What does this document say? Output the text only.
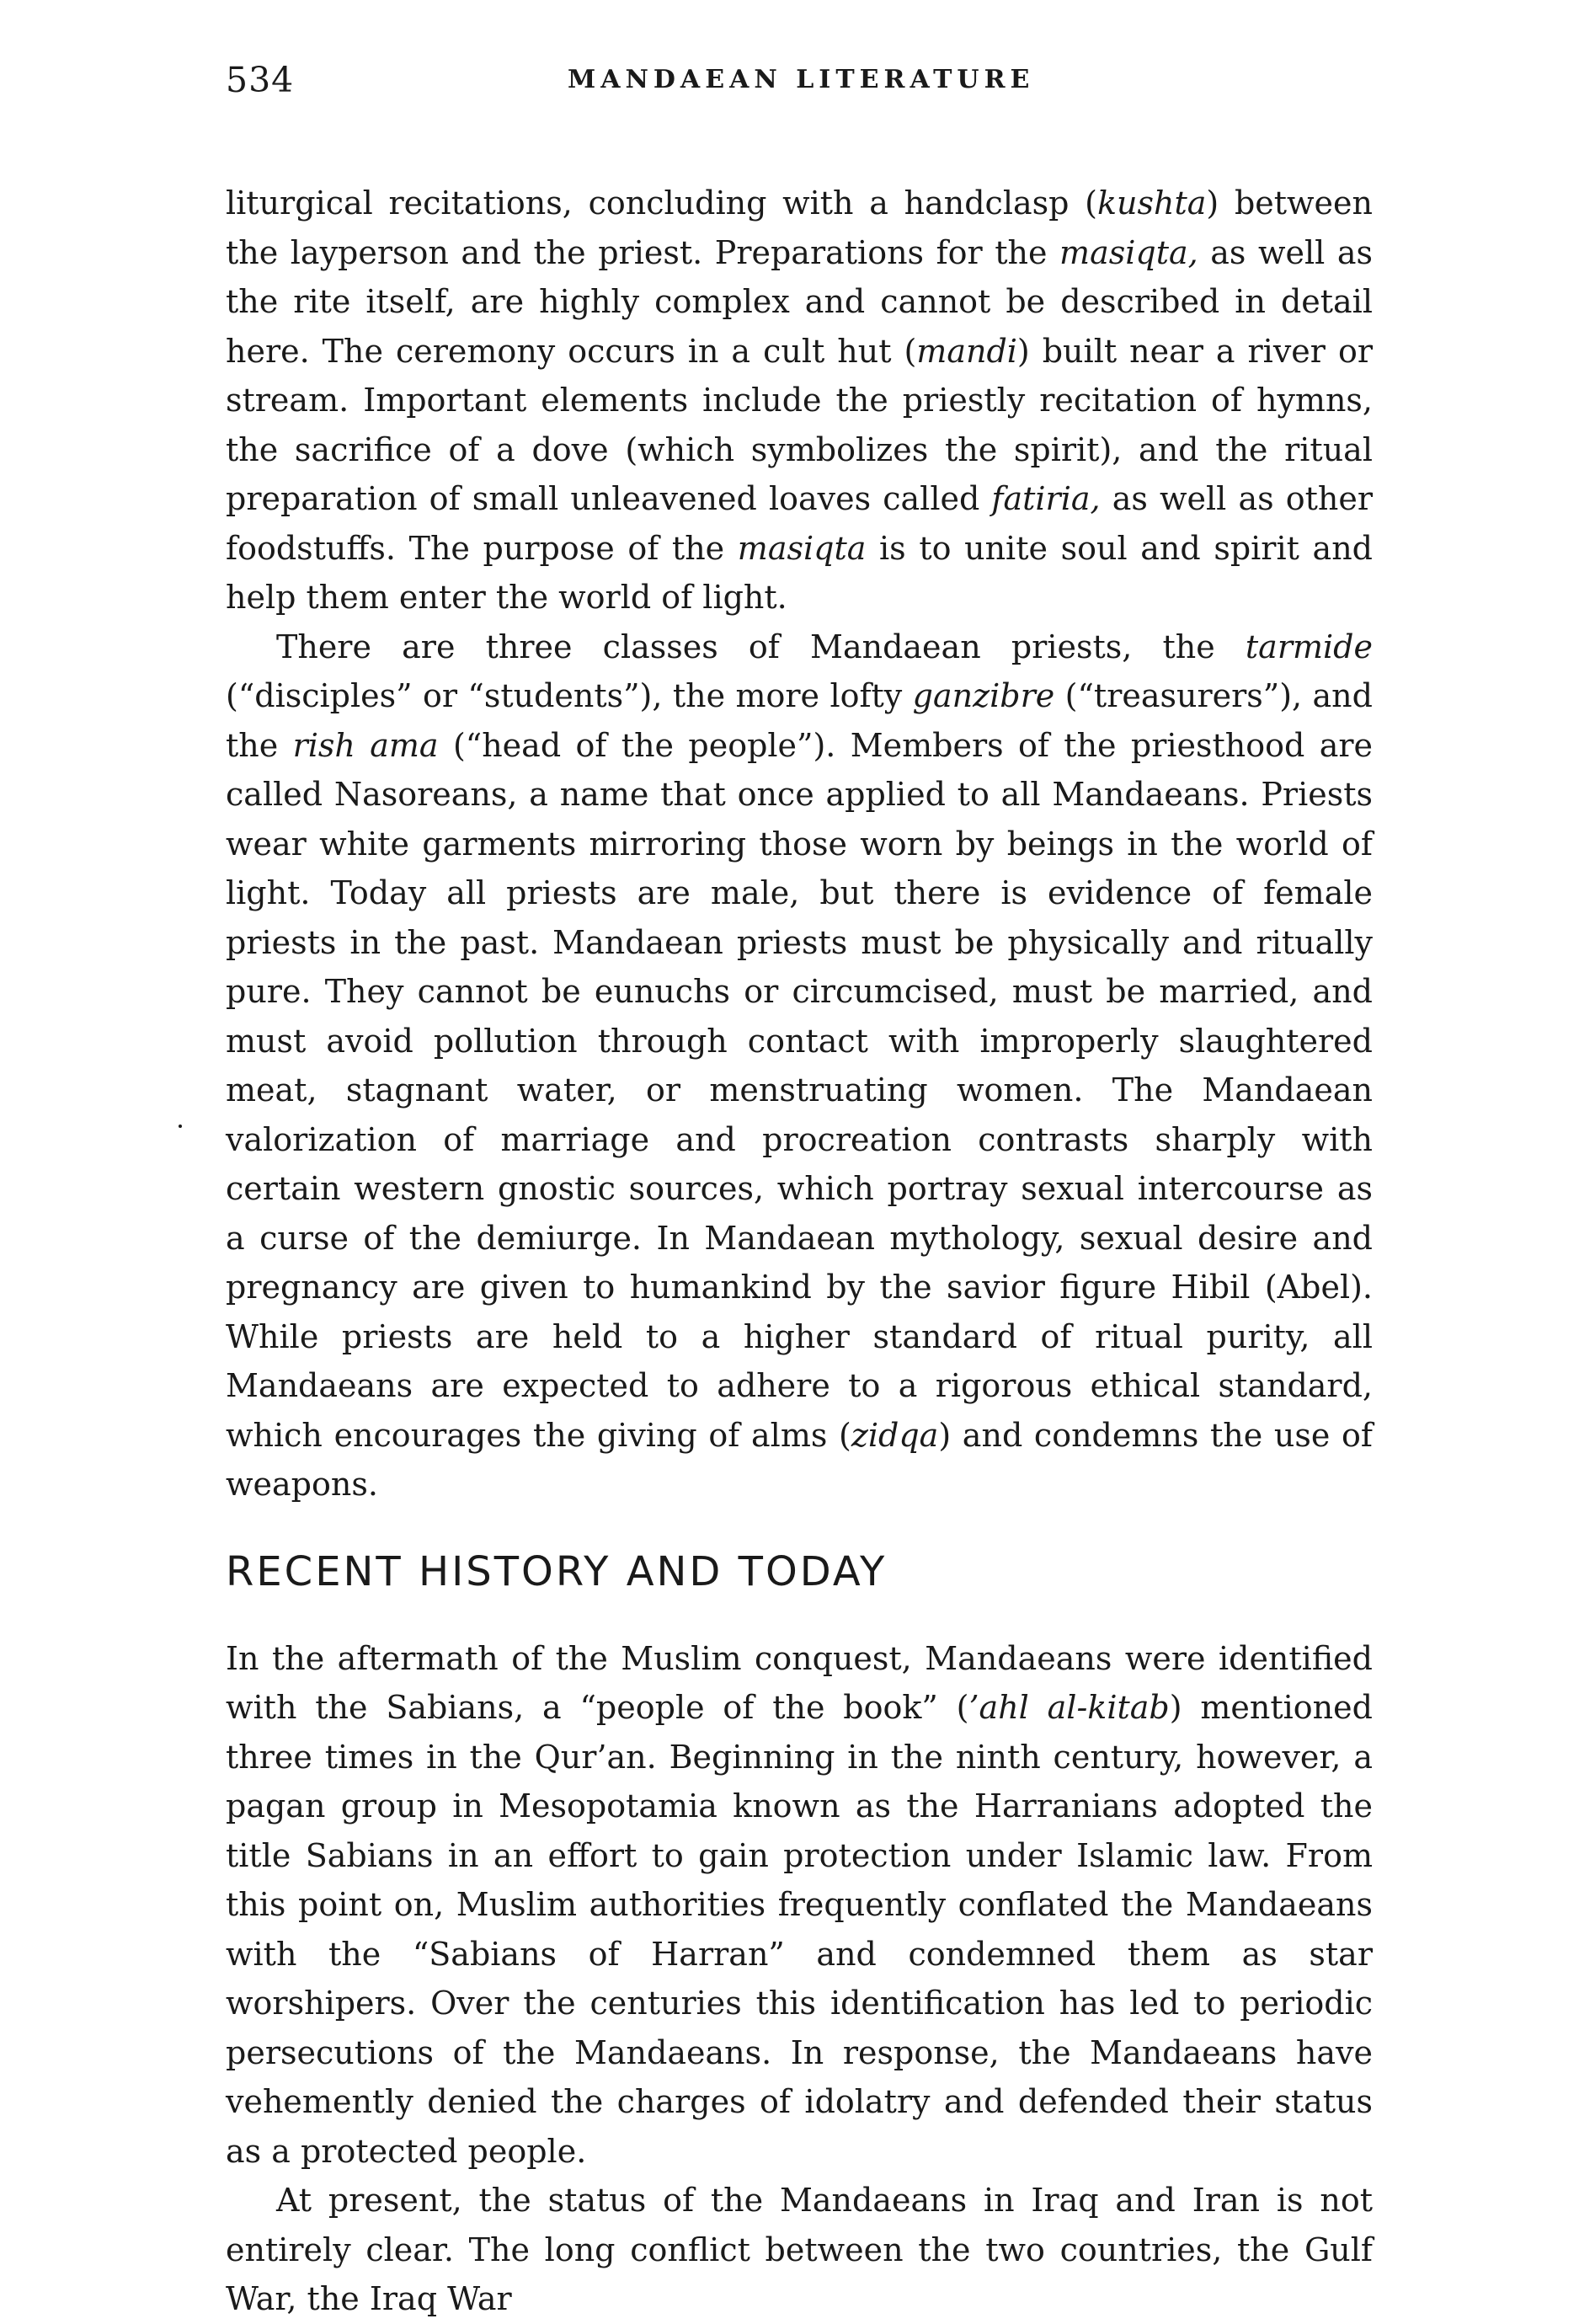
534	MANDAEAN LITERATURE

liturgical recitations, concluding with a handclasp (kushta) between the layperson and the priest. Preparations for the masiqta, as well as the rite itself, are highly complex and cannot be described in detail here. The ceremony occurs in a cult hut (mandi) built near a river or stream. Important elements include the priestly recitation of hymns, the sacrifice of a dove (which symbolizes the spirit), and the ritual preparation of small unleavened loaves called fatiria, as well as other foodstuffs. The purpose of the masiqta is to unite soul and spirit and help them enter the world of light.

There are three classes of Mandaean priests, the tarmide (“disciples” or “students”), the more lofty ganzibre (“treasurers”), and the rish ama (“head of the people”). Members of the priesthood are called Nasoreans, a name that once applied to all Mandaeans. Priests wear white garments mirroring those worn by beings in the world of light. Today all priests are male, but there is evidence of female priests in the past. Mandaean priests must be physically and ritually pure. They cannot be eunuchs or circumcised, must be married, and must avoid pollution through contact with improperly slaughtered meat, stagnant water, or menstruating women. The Mandaean valorization of marriage and procreation contrasts sharply with certain western gnostic sources, which portray sexual intercourse as a curse of the demiurge. In Mandaean mythology, sexual desire and pregnancy are given to humankind by the savior figure Hibil (Abel). While priests are held to a higher standard of ritual purity, all Mandaeans are expected to adhere to a rigorous ethical standard, which encourages the giving of alms (zidqa) and condemns the use of weapons.

RECENT HISTORY AND TODAY

In the aftermath of the Muslim conquest, Mandaeans were identified with the Sabians, a “people of the book” (’ahl al-kitab) mentioned three times in the Qur’an. Beginning in the ninth century, however, a pagan group in Mesopotamia known as the Harranians adopted the title Sabians in an effort to gain protection under Islamic law. From this point on, Muslim authorities frequently conflated the Mandaeans with the “Sabians of Harran” and condemned them as star worshipers. Over the centuries this identification has led to periodic persecutions of the Mandaeans. In response, the Mandaeans have vehemently denied the charges of idolatry and defended their status as a protected people.

At present, the status of the Mandaeans in Iraq and Iran is not entirely clear. The long conflict between the two countries, the Gulf War, the Iraq War
